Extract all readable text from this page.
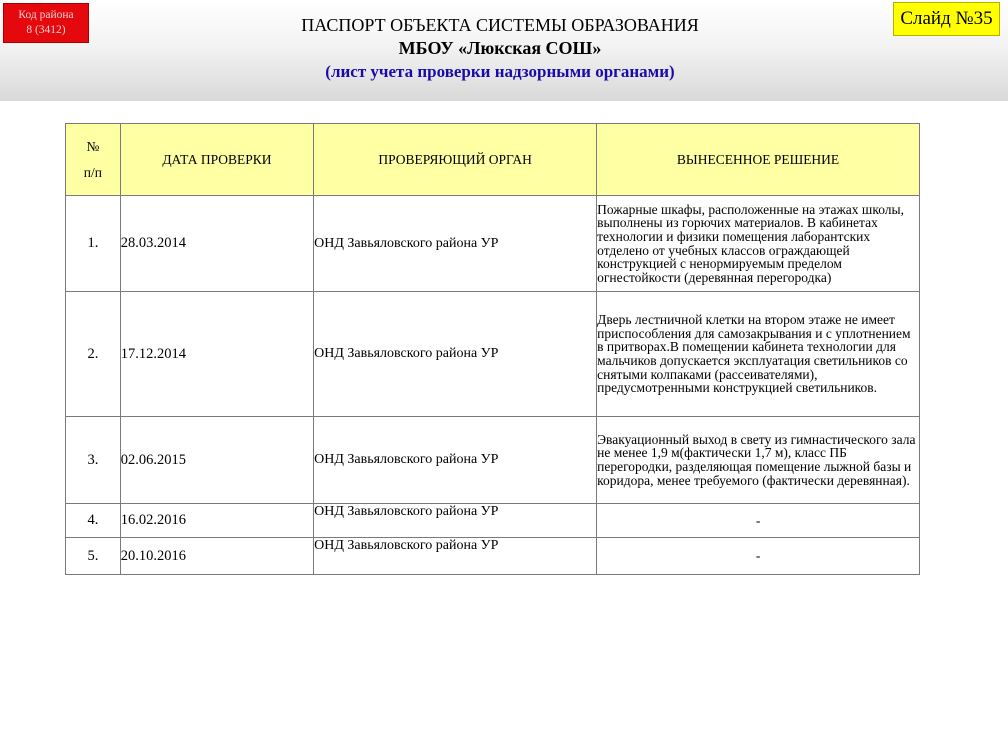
Код района
8 (3412)	ПАСПОРТ ОБЪЕКТА СИСТЕМЫ ОБРАЗОВАНИЯ
МБОУ «Люкская СОШ»
(лист учета проверки надзорными органами)
Слайд №35
№
п/п	ДАТА ПРОВЕРКИ	ПРОВЕРЯЮЩИЙ ОРГАН	ВЫНЕСЕННОЕ РЕШЕНИЕ
1.	28.03.2014	ОНД Завьяловского района УР	Пожарные шкафы, расположенные на этажах школы, выполнены из горючих материалов. В кабинетах технологии и физики помещения лаборантских отделено от учебных классов ограждающей конструкцией с ненормируемым пределом огнестойкости (деревянная перегородка)
2.	17.12.2014	ОНД Завьяловского района УР	Дверь лестничной клетки на втором этаже не имеет приспособления для самозакрывания и с уплотнением в притворах.В помещении кабинета технологии для мальчиков допускается эксплуатация светильников со снятыми колпаками (рассеивателями), предусмотренными конструкцией светильников.
3.	02.06.2015	ОНД Завьяловского района УР	Эвакуационный выход в свету из гимнастического зала не менее 1,9 м(фактически 1,7 м), класс ПБ перегородки, разделяющая помещение лыжной базы и коридора, менее требуемого (фактически деревянная).
4.	16.02.2016	ОНД Завьяловского района УР	-
5.	20.10.2016	ОНД Завьяловского района УР	-
